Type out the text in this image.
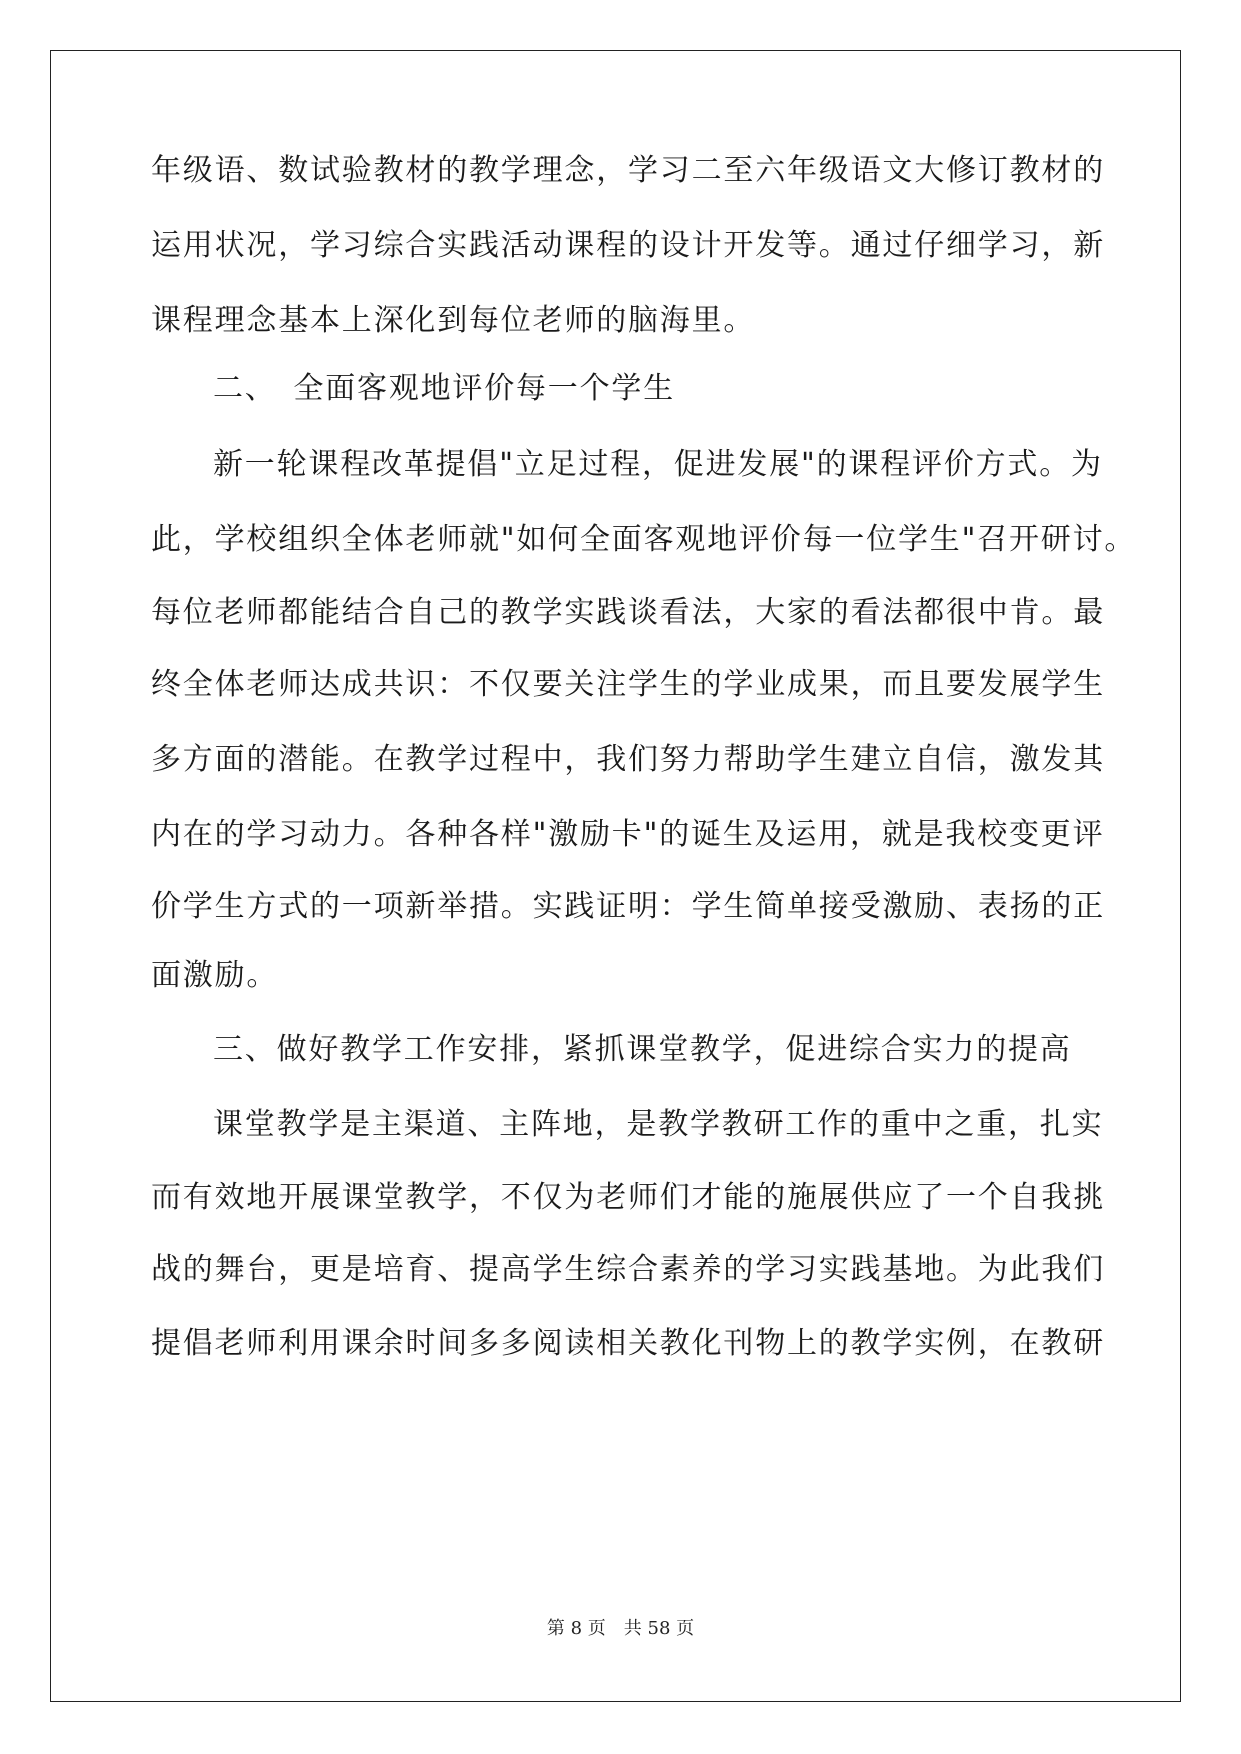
年级语、数试验教材的教学理念，学习二至六年级语文大修订教材的
运用状况，学习综合实践活动课程的设计开发等。通过仔细学习，新
课程理念基本上深化到每位老师的脑海里。
二、　全面客观地评价每一个学生
新一轮课程改革提倡"立足过程，促进发展"的课程评价方式。为
此，学校组织全体老师就"如何全面客观地评价每一位学生"召开研讨。
每位老师都能结合自己的教学实践谈看法，大家的看法都很中肯。最
终全体老师达成共识：不仅要关注学生的学业成果，而且要发展学生
多方面的潜能。在教学过程中，我们努力帮助学生建立自信，激发其
内在的学习动力。各种各样"激励卡"的诞生及运用，就是我校变更评
价学生方式的一项新举措。实践证明：学生简单接受激励、表扬的正
面激励。
三、做好教学工作安排，紧抓课堂教学，促进综合实力的提高
课堂教学是主渠道、主阵地，是教学教研工作的重中之重，扎实
而有效地开展课堂教学，不仅为老师们才能的施展供应了一个自我挑
战的舞台，更是培育、提高学生综合素养的学习实践基地。为此我们
提倡老师利用课余时间多多阅读相关教化刊物上的教学实例，在教研
第 8 页　共 58 页
